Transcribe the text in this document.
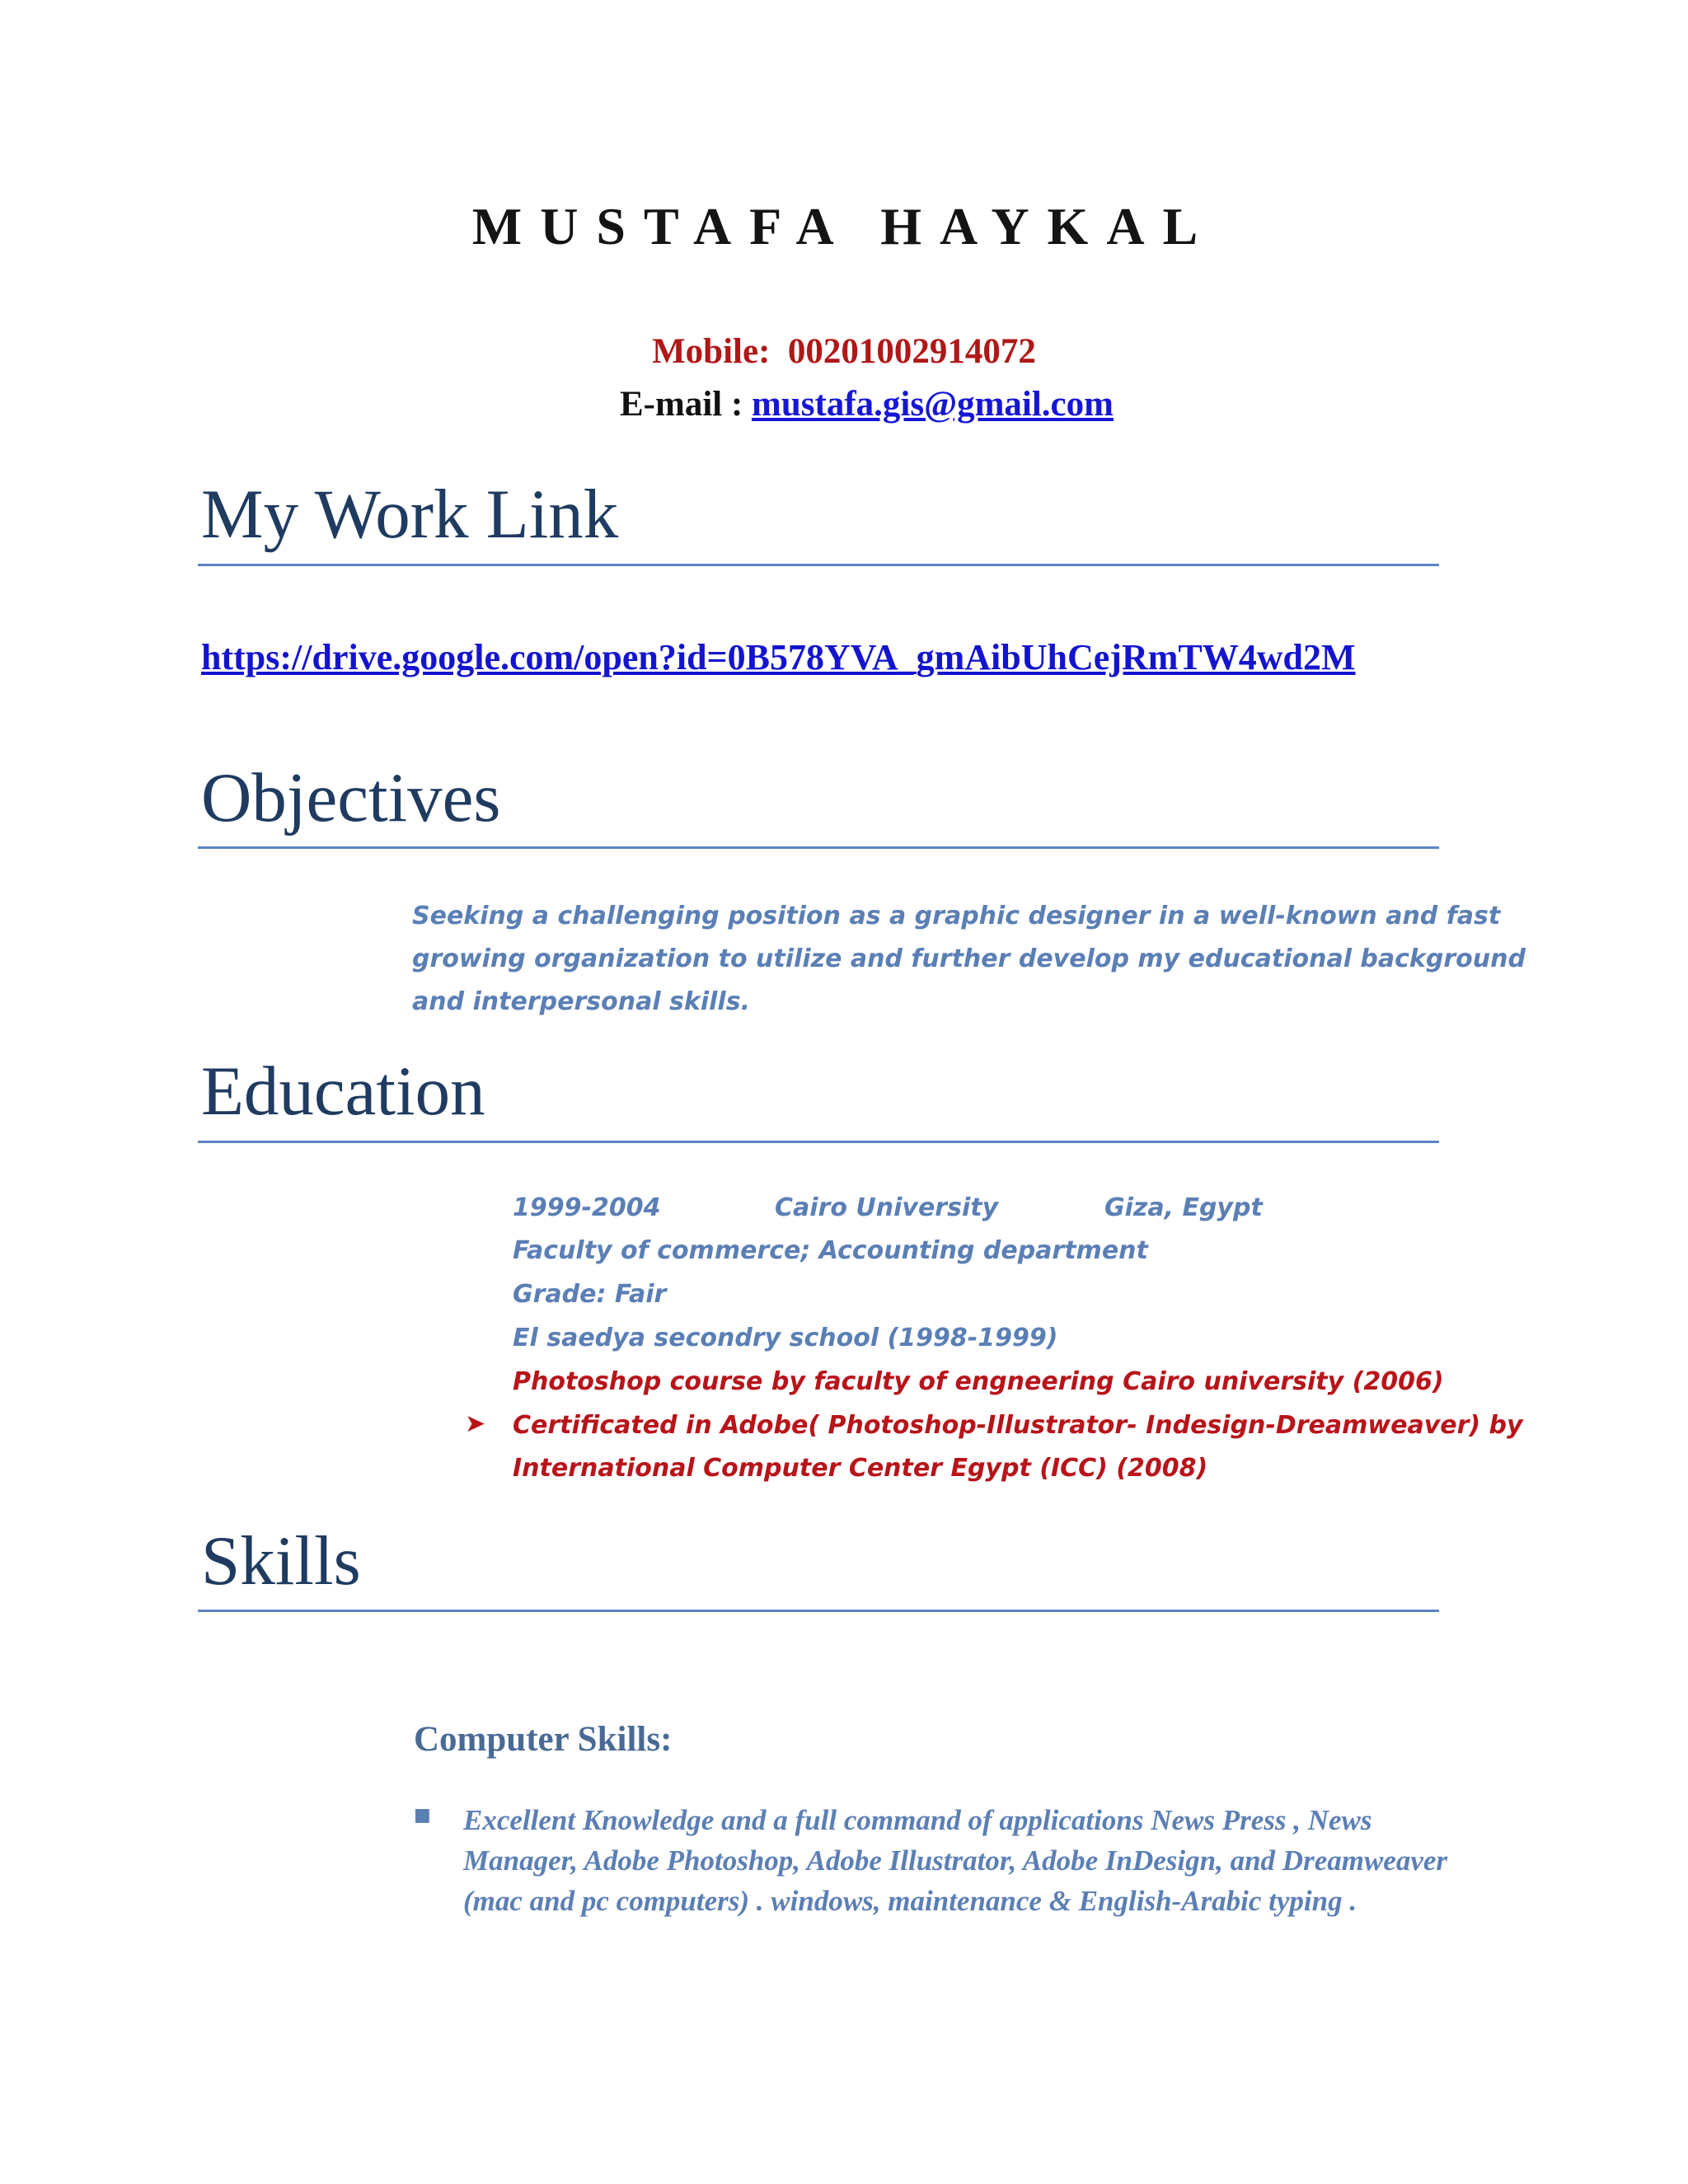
MUSTAFA HAYKAL
Mobile: 00201002914072
E-mail : mustafa.gis@gmail.com
My Work Link
https://drive.google.com/open?id=0B578YVA_gmAibUhCejRmTW4wd2M
Objectives
Seeking a challenging position as a graphic designer in a well-known and fast
growing organization to utilize and further develop my educational background
and interpersonal skills.
Education
1999-2004	Cairo University	Giza, Egypt
Faculty of commerce; Accounting department
Grade: Fair
El saedya secondry school (1998-1999)
Photoshop course by faculty of engneering Cairo university (2006)
➤ Certificated in Adobe( Photoshop-Illustrator- Indesign-Dreamweaver) by
International Computer Center Egypt (ICC) (2008)
Skills
Computer Skills:
■ Excellent Knowledge and a full command of applications News Press , News Manager, Adobe Photoshop, Adobe Illustrator, Adobe InDesign, and Dreamweaver (mac and pc computers) . windows, maintenance & English-Arabic typing .
